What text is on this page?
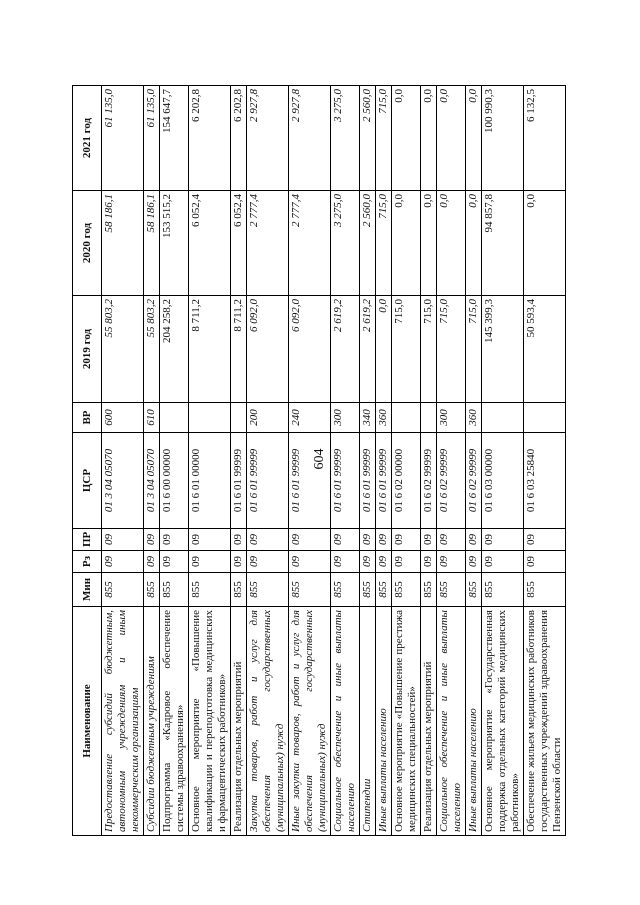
604
Наименование	Мин	Рз	ПР	ЦСР	ВР	2019 год	2020 год	2021 год
Предоставление субсидий бюджетным, автономным учреждениям и иным некоммерческим организациям	855	09	09	01 3 04 05070	600	55 803,2	58 186,1	61 135,0
Субсидии бюджетным учреждениям	855	09	09	01 3 04 05070	610	55 803,2	58 186,1	61 135,0
Подпрограмма «Кадровое обеспечение системы здравоохранения»	855	09	09	01 6 00 00000		204 258,2	153 515,2	154 647,7
Основное мероприятие «Повышение квалификации и переподготовка медицинских и фармацевтических работников»	855	09	09	01 6 01 00000		8 711,2	6 052,4	6 202,8
Реализация отдельных мероприятий	855	09	09	01 6 01 99999		8 711,2	6 052,4	6 202,8
Закупка товаров, работ и услуг для обеспечения государственных (муниципальных) нужд	855	09	09	01 6 01 99999	200	6 092,0	2 777,4	2 927,8
Иные закупки товаров, работ и услуг для обеспечения государственных (муниципальных) нужд	855	09	09	01 6 01 99999	240	6 092,0	2 777,4	2 927,8
Социальное обеспечение и иные выплаты населению	855	09	09	01 6 01 99999	300	2 619,2	3 275,0	3 275,0
Стипендии	855	09	09	01 6 01 99999	340	2 619,2	2 560,0	2 560,0
Иные выплаты населению	855	09	09	01 6 01 99999	360	0,0	715,0	715,0
Основное мероприятие «Повышение престижа медицинских специальностей»	855	09	09	01 6 02 00000		715,0	0,0	0,0
Реализация отдельных мероприятий	855	09	09	01 6 02 99999		715,0	0,0	0,0
Социальное обеспечение и иные выплаты населению	855	09	09	01 6 02 99999	300	715,0	0,0	0,0
Иные выплаты населению	855	09	09	01 6 02 99999	360	715,0	0,0	0,0
Основное мероприятие «Государственная поддержка отдельных категорий медицинских работников»	855	09	09	01 6 03 00000		145 399,3	94 857,8	100 990,3
Обеспечение жильем медицинских работников государственных учреждений здравоохранения Пензенской области	855	09	09	01 6 03 25840		50 593,4	0,0	6 132,5
